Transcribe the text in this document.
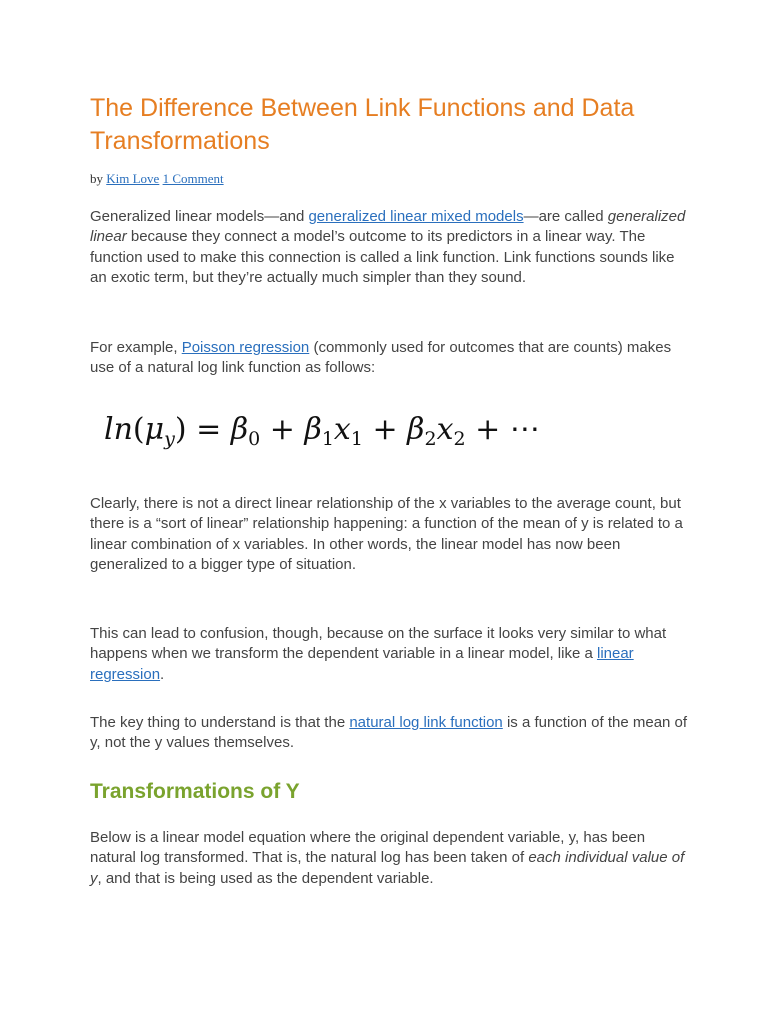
The Difference Between Link Functions and Data Transformations
by Kim Love 1 Comment

Generalized linear models—and generalized linear mixed models—are called generalized linear because they connect a model’s outcome to its predictors in a linear way. The function used to make this connection is called a link function. Link functions sounds like an exotic term, but they’re actually much simpler than they sound.

For example, Poisson regression (commonly used for outcomes that are counts) makes use of a natural log link function as follows:

$\ln(\mu_y) = \beta_0 + \beta_1x_1 + \beta_2x_2$ + ⋯

Clearly, there is not a direct linear relationship of the x variables to the average count, but there is a “sort of linear” relationship happening: a function of the mean of y is related to a linear combination of x variables. In other words, the linear model has now been generalized to a bigger type of situation.

This can lead to confusion, though, because on the surface it looks very similar to what happens when we transform the dependent variable in a linear model, like a linear regression.

The key thing to understand is that the natural log link function is a function of the mean of y, not the y values themselves.

Transformations of Y

Below is a linear model equation where the original dependent variable, y, has been natural log transformed. That is, the natural log has been taken of each individual value of y, and that is being used as the dependent variable.
